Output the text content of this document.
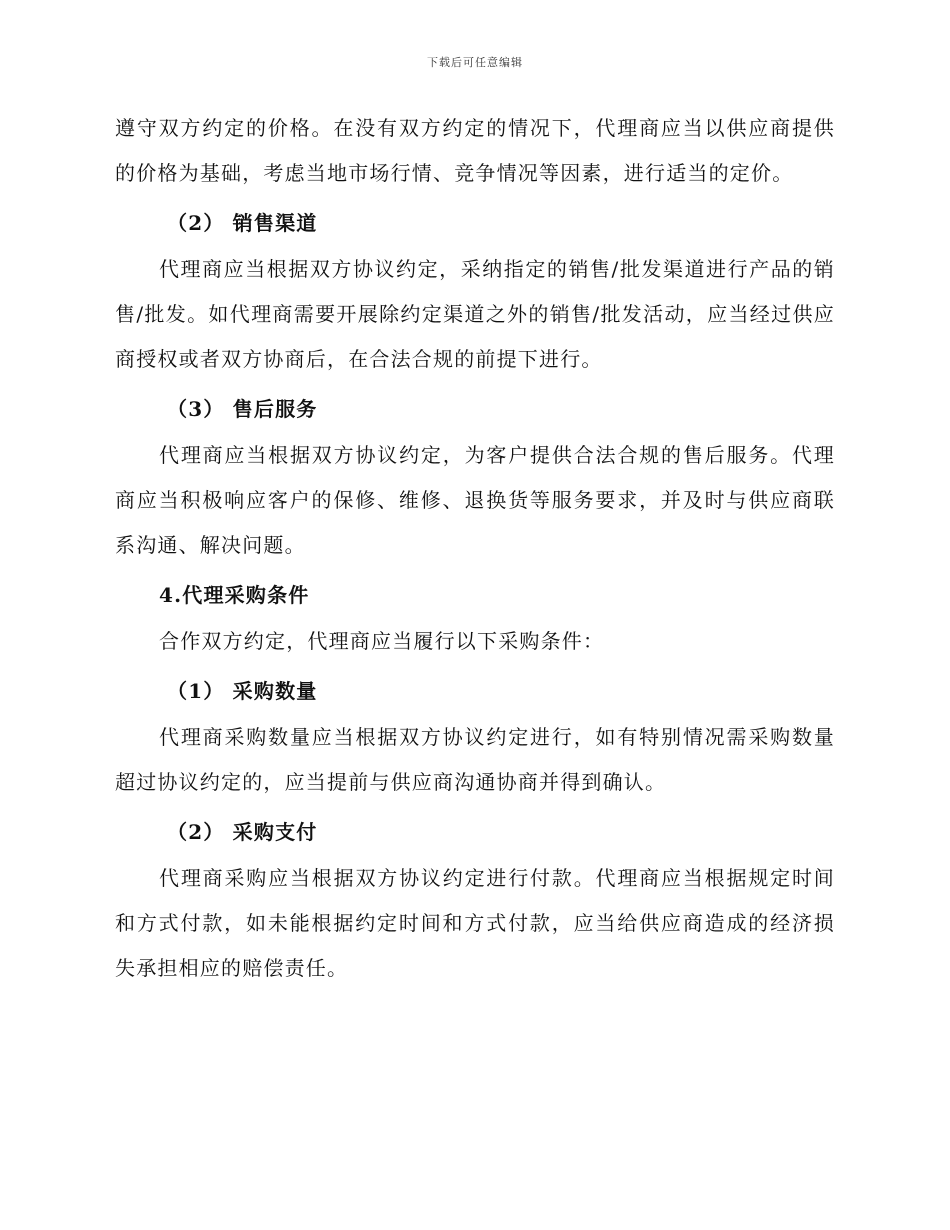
下载后可任意编辑

遵守双方约定的价格。在没有双方约定的情况下，代理商应当以供应商提供的价格为基础，考虑当地市场行情、竞争情况等因素，进行适当的定价。

（2） 销售渠道

代理商应当根据双方协议约定，采纳指定的销售/批发渠道进行产品的销售/批发。如代理商需要开展除约定渠道之外的销售/批发活动，应当经过供应商授权或者双方协商后，在合法合规的前提下进行。

（3） 售后服务

代理商应当根据双方协议约定，为客户提供合法合规的售后服务。代理商应当积极响应客户的保修、维修、退换货等服务要求，并及时与供应商联系沟通、解决问题。

4.代理采购条件

合作双方约定，代理商应当履行以下采购条件：

（1） 采购数量

代理商采购数量应当根据双方协议约定进行，如有特别情况需采购数量超过协议约定的，应当提前与供应商沟通协商并得到确认。

（2） 采购支付

代理商采购应当根据双方协议约定进行付款。代理商应当根据规定时间和方式付款，如未能根据约定时间和方式付款，应当给供应商造成的经济损失承担相应的赔偿责任。
